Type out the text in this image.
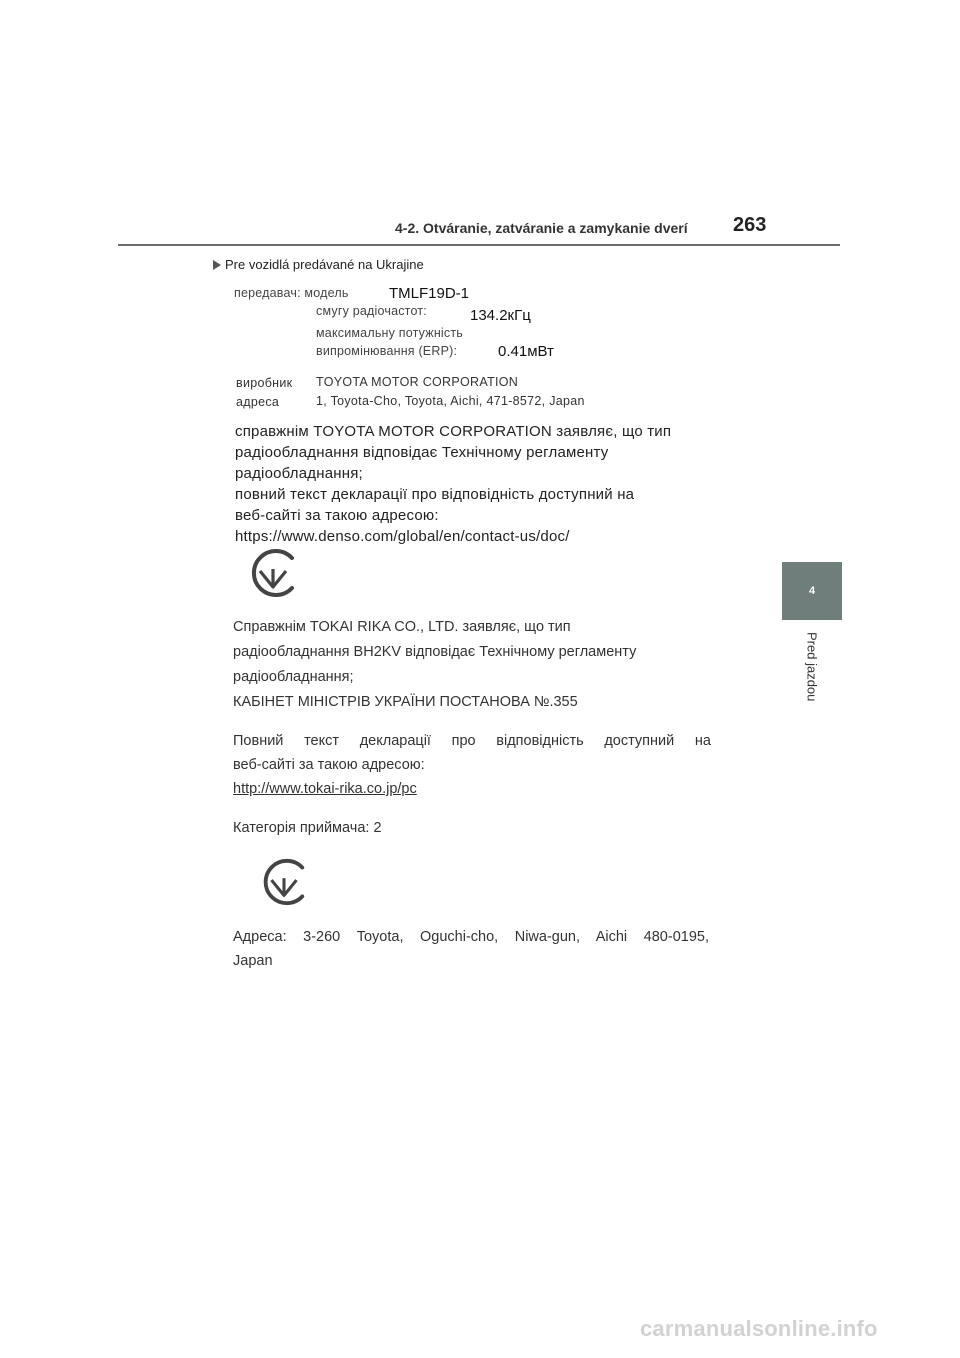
4-2. Otváranie, zatváranie a zamykanie dverí 263
4
Pred jazdou
Pre vozidlá predávané na Ukrajine
передавач: модель	TMLF19D-1
смугу радіочастот:	134.2кГц
максимальну потужність
випромінювання (ERP):	0.41мВт
виробник TOYOTA MOTOR CORPORATION
адреса	1, Toyota-Cho, Toyota, Aichi, 471-8572, Japan
справжнім TOYOTA MOTOR CORPORATION заявляє, що тип
радіообладнання відповідає Технічному регламенту
радіообладнання;
повний текст декларації про відповідність доступний на
веб-сайті за такою адресою:
https://www.denso.com/global/en/contact-us/doc/
Справжнім TOKAI RIKA CO., LTD. заявляє, що тип
радіообладнання BH2KV відповідає Технічному регламенту
радіообладнання;
КАБІНЕТ МІНІСТРІВ УКРАЇНИ ПОСТАНОВА №.355
Повний текст декларації про відповідність доступний на
веб-сайті за такою адресою:
http://www.tokai-rika.co.jp/pc
Категорія приймача: 2
Адреса: 3-260 Toyota, Oguchi-cho, Niwa-gun, Aichi 480-0195,
Japan
carmanualsonline.info
